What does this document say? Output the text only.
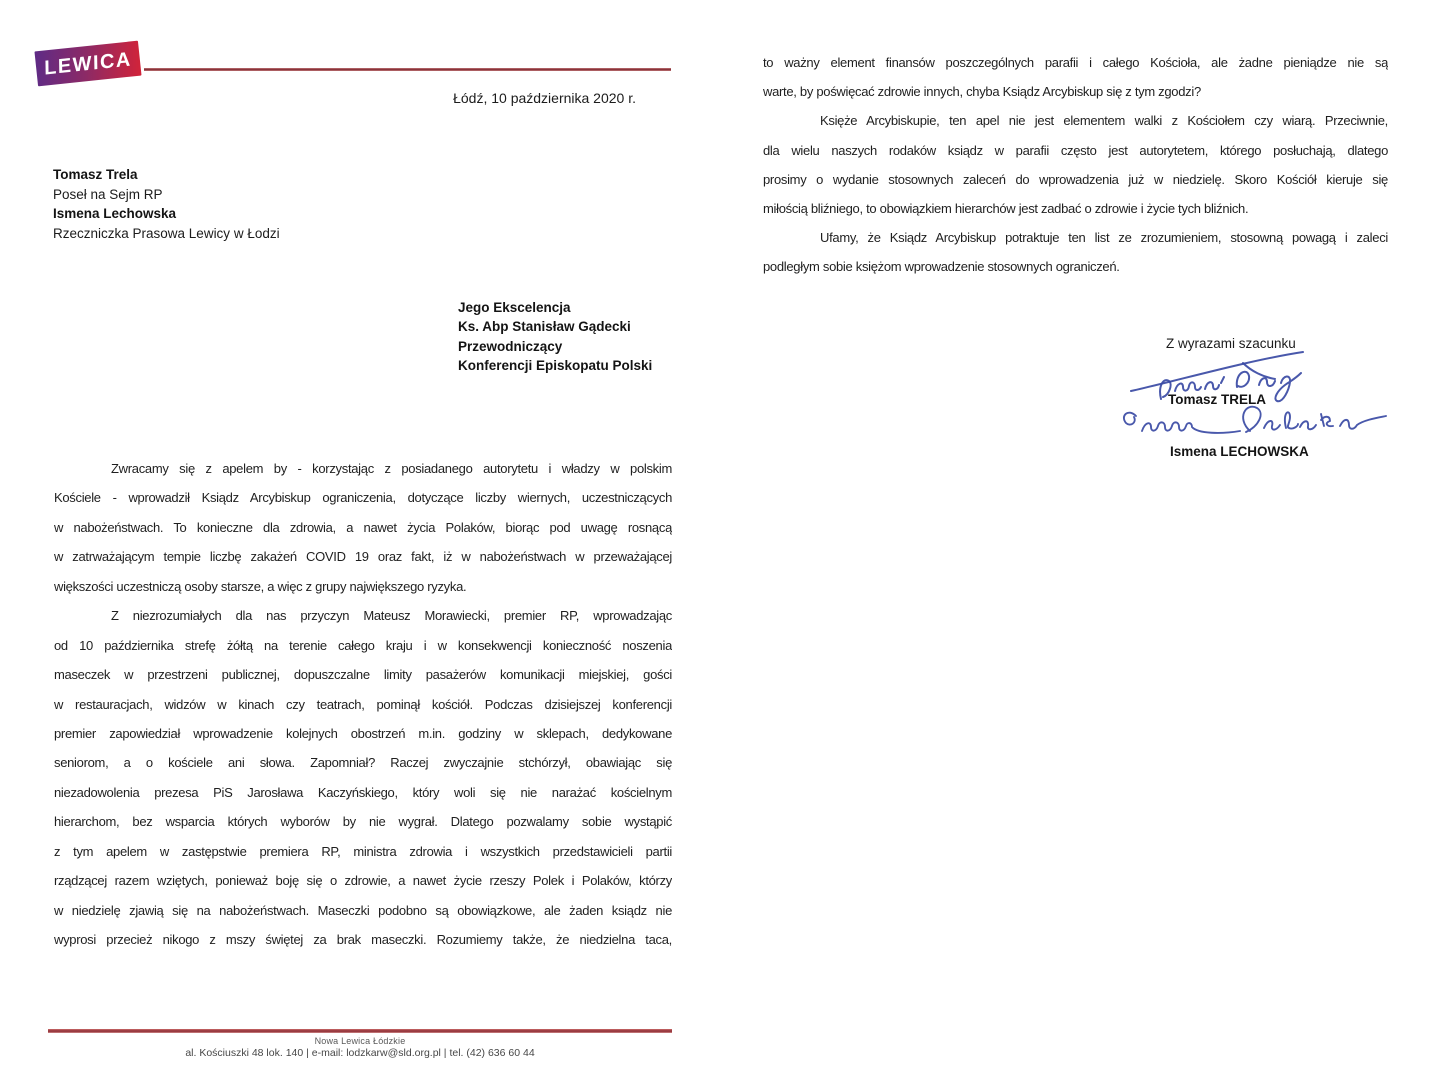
LEWICA
Łódź, 10 października 2020 r.
Tomasz Trela
Poseł na Sejm RP
Ismena Lechowska
Rzeczniczka Prasowa Lewicy w Łodzi
Jego Ekscelencja
Ks. Abp Stanisław Gądecki
Przewodniczący
Konferencji Episkopatu Polski
Zwracamy się z apelem by - korzystając z posiadanego autorytetu i władzy w polskim
Kościele - wprowadził Ksiądz Arcybiskup ograniczenia, dotyczące liczby wiernych, uczestniczących
w nabożeństwach. To konieczne dla zdrowia, a nawet życia Polaków, biorąc pod uwagę rosnącą
w zatrważającym tempie liczbę zakażeń COVID 19 oraz fakt, iż w nabożeństwach w przeważającej
większości uczestniczą osoby starsze, a więc z grupy największego ryzyka.
Z niezrozumiałych dla nas przyczyn Mateusz Morawiecki, premier RP, wprowadzając
od 10 października strefę żółtą na terenie całego kraju i w konsekwencji konieczność noszenia
maseczek w przestrzeni publicznej, dopuszczalne limity pasażerów komunikacji miejskiej, gości
w restauracjach, widzów w kinach czy teatrach, pominął kościół. Podczas dzisiejszej konferencji
premier zapowiedział wprowadzenie kolejnych obostrzeń m.in. godziny w sklepach, dedykowane
seniorom, a o kościele ani słowa. Zapomniał? Raczej zwyczajnie stchórzył, obawiając się
niezadowolenia prezesa PiS Jarosława Kaczyńskiego, który woli się nie narażać kościelnym
hierarchom, bez wsparcia których wyborów by nie wygrał. Dlatego pozwalamy sobie wystąpić
z tym apelem w zastępstwie premiera RP, ministra zdrowia i wszystkich przedstawicieli partii
rządzącej razem wziętych, ponieważ boję się o zdrowie, a nawet życie rzeszy Polek i Polaków, którzy
w niedzielę zjawią się na nabożeństwach. Maseczki podobno są obowiązkowe, ale żaden ksiądz nie
wyprosi przecież nikogo z mszy świętej za brak maseczki. Rozumiemy także, że niedzielna taca,
Nowa Lewica Łódzkie
al. Kościuszki 48 lok. 140 | e-mail: lodzkarw@sld.org.pl | tel. (42) 636 60 44
to ważny element finansów poszczególnych parafii i całego Kościoła, ale żadne pieniądze nie są
warte, by poświęcać zdrowie innych, chyba Ksiądz Arcybiskup się z tym zgodzi?
Księże Arcybiskupie, ten apel nie jest elementem walki z Kościołem czy wiarą. Przeciwnie,
dla wielu naszych rodaków ksiądz w parafii często jest autorytetem, którego posłuchają, dlatego
prosimy o wydanie stosownych zaleceń do wprowadzenia już w niedzielę. Skoro Kościół kieruje się
miłością bliźniego, to obowiązkiem hierarchów jest zadbać o zdrowie i życie tych bliźnich.
Ufamy, że Ksiądz Arcybiskup potraktuje ten list ze zrozumieniem, stosowną powagą i zaleci
podległym sobie księżom wprowadzenie stosownych ograniczeń.
Z wyrazami szacunku
Tomasz TRELA
Ismena LECHOWSKA
